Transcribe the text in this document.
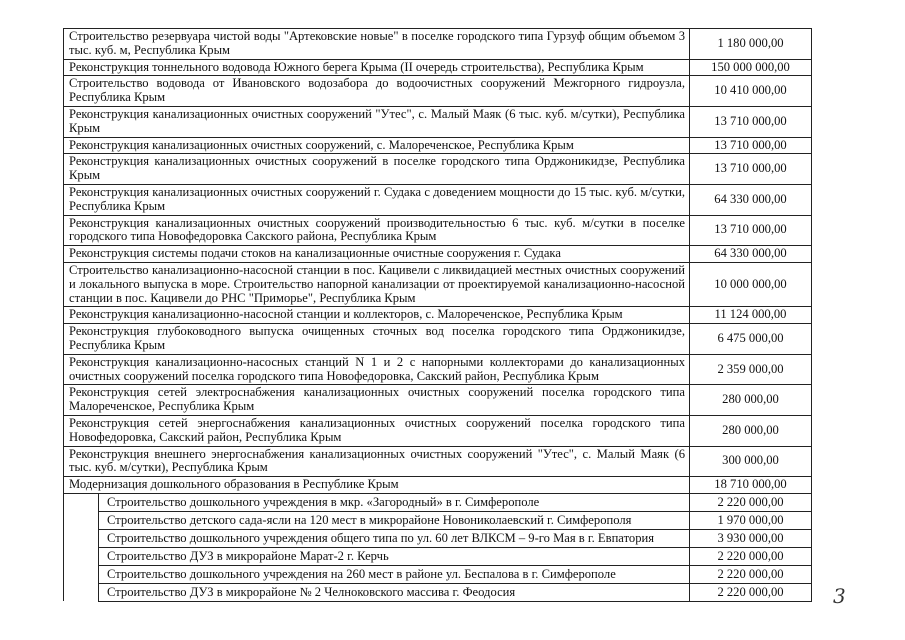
Строительство резервуара чистой воды "Артековские новые" в поселке городского типа Гурзуф общим объемом 3 тыс. куб. м, Республика Крым		1 180 000,00
Реконструкция тоннельного водовода Южного берега Крыма (II очередь строительства), Республика Крым		150 000 000,00
Строительство водовода от Ивановского водозабора до водоочистных сооружений Межгорного гидроузла, Республика Крым		10 410 000,00
Реконструкция канализационных очистных сооружений "Утес", с. Малый Маяк (6 тыс. куб. м/сутки), Республика Крым		13 710 000,00
Реконструкция канализационных очистных сооружений, с. Малореченское, Республика Крым		13 710 000,00
Реконструкция канализационных очистных сооружений в поселке городского типа Орджоникидзе, Республика Крым		13 710 000,00
Реконструкция канализационных очистных сооружений г. Судака с доведением мощности до 15 тыс. куб. м/сутки, Республика Крым		64 330 000,00
Реконструкция канализационных очистных сооружений производительностью 6 тыс. куб. м/сутки в поселке городского типа Новофедоровка Сакского района, Республика Крым		13 710 000,00
Реконструкция системы подачи стоков на канализационные очистные сооружения г. Судака		64 330 000,00
Строительство канализационно-насосной станции в пос. Кацивели с ликвидацией местных очистных сооружений и локального выпуска в море. Строительство напорной канализации от проектируемой канализационно-насосной станции в пос. Кацивели до РНС "Приморье", Республика Крым		10 000 000,00
Реконструкция канализационно-насосной станции и коллекторов, с. Малореченское, Республика Крым		11 124 000,00
Реконструкция глубоководного выпуска очищенных сточных вод поселка городского типа Орджоникидзе, Республика Крым		6 475 000,00
Реконструкция канализационно-насосных станций N 1 и 2 с напорными коллекторами до канализационных очистных сооружений поселка городского типа Новофедоровка, Сакский район, Республика Крым		2 359 000,00
Реконструкция сетей электроснабжения канализационных очистных сооружений поселка городского типа Малореченское, Республика Крым		280 000,00
Реконструкция сетей энергоснабжения канализационных очистных сооружений поселка городского типа Новофедоровка, Сакский район, Республика Крым		280 000,00
Реконструкция внешнего энергоснабжения канализационных очистных сооружений "Утес", с. Малый Маяк (6 тыс. куб. м/сутки), Республика Крым		300 000,00
Модернизация дошкольного образования в Республике Крым		18 710 000,00
	Строительство дошкольного учреждения в мкр. «Загородный» в г. Симферополе	2 220 000,00
	Строительство детского сада-ясли на 120 мест в микрорайоне Новониколаевский г. Симферополя	1 970 000,00
	Строительство дошкольного учреждения общего типа по ул. 60 лет ВЛКСМ – 9-го Мая в г. Евпатория	3 930 000,00
	Строительство ДУЗ в микрорайоне Марат-2 г. Керчь	2 220 000,00
	Строительство дошкольного учреждения на 260 мест в районе ул. Беспалова в г. Симферополе	2 220 000,00
	Строительство ДУЗ в микрорайоне № 2 Челноковского массива г. Феодосия	2 220 000,00 3
